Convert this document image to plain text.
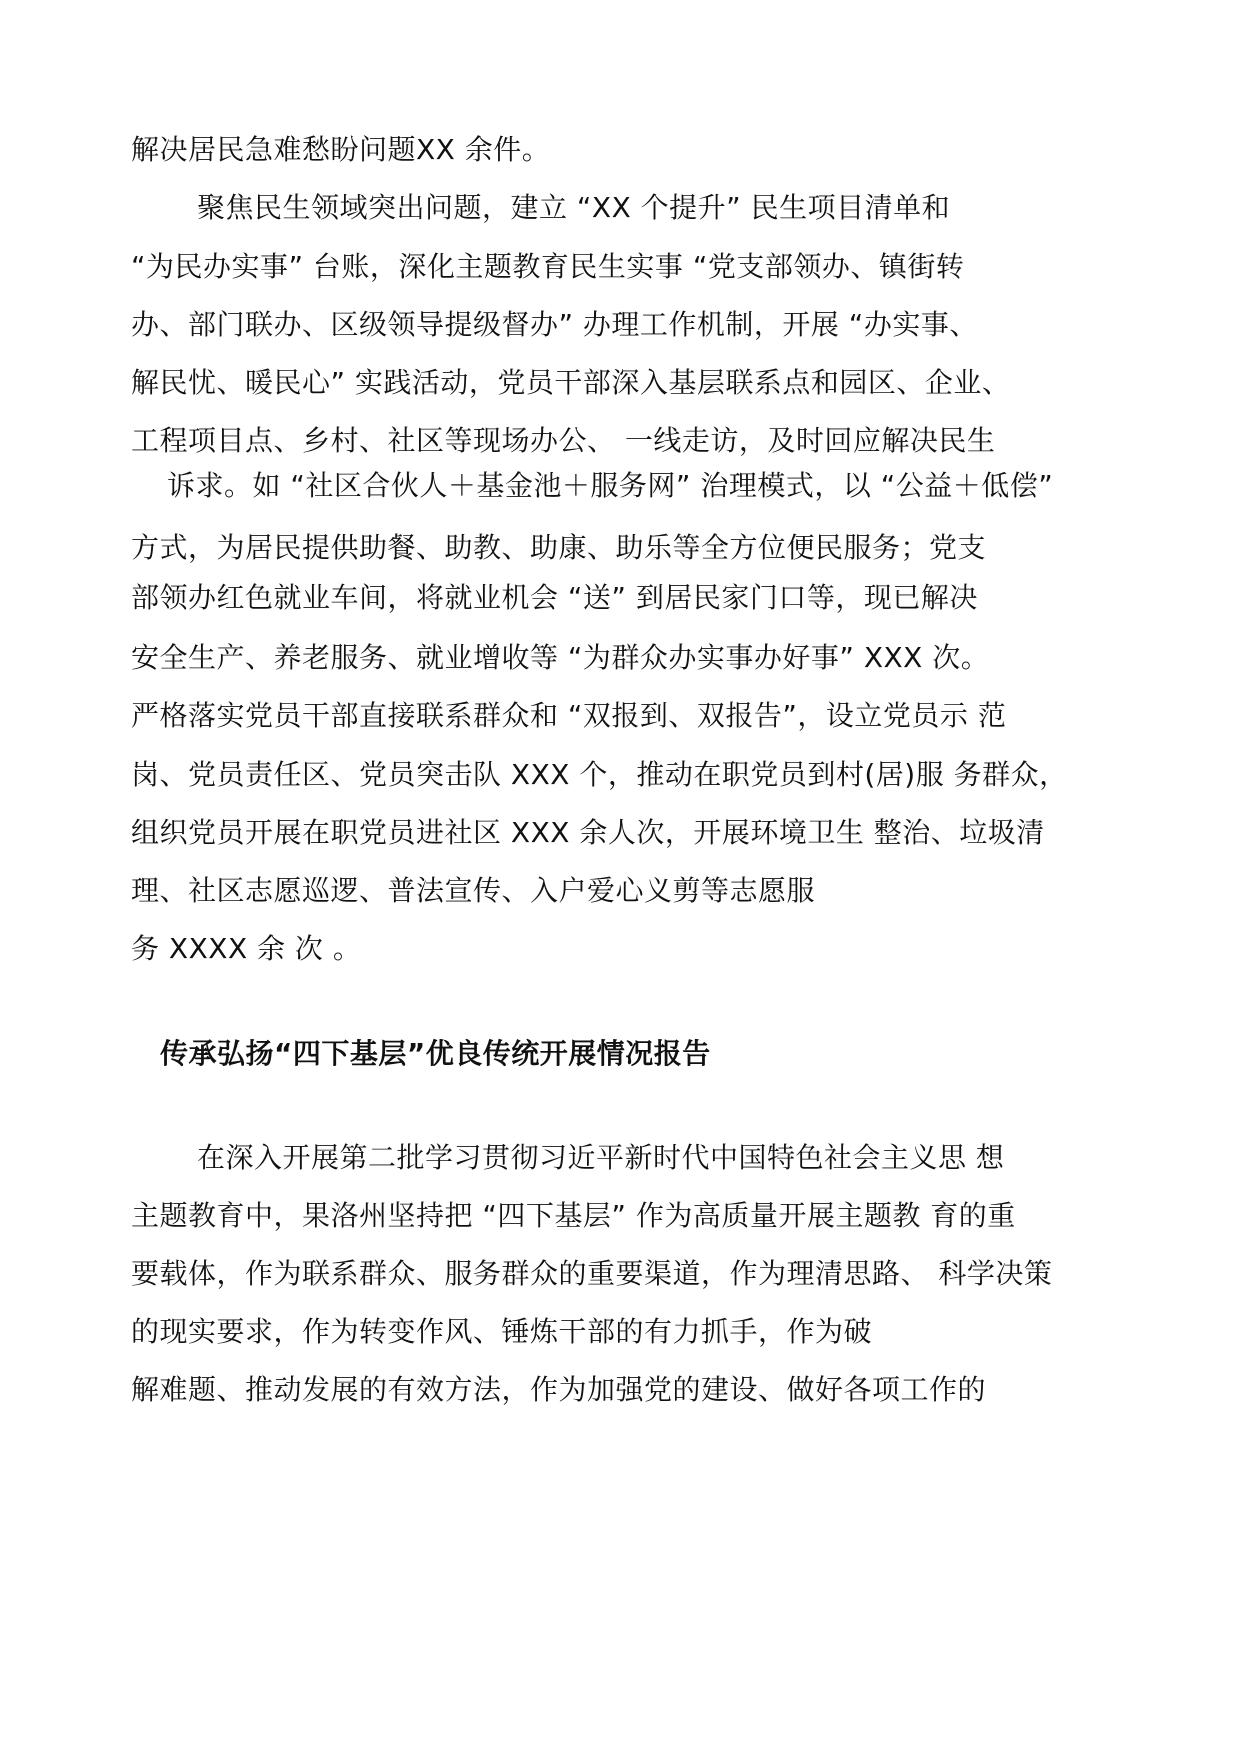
解决居民急难愁盼问题XX 余件。
聚焦民生领域突出问题，建立 “XX 个提升” 民生项目清单和
“为民办实事” 台账，深化主题教育民生实事 “党支部领办、镇街转
办、部门联办、区级领导提级督办” 办理工作机制，开展 “办实事、
解民忧、暖民心” 实践活动，党员干部深入基层联系点和园区、企业、
工程项目点、乡村、社区等现场办公、 一线走访，及时回应解决民生
诉求。如 “社区合伙人＋基金池＋服务网” 治理模式，以 “公益＋低偿”
方式，为居民提供助餐、助教、助康、助乐等全方位便民服务；党支
部领办红色就业车间，将就业机会 “送” 到居民家门口等，现已解决
安全生产、养老服务、就业增收等 “为群众办实事办好事” XXX 次。
严格落实党员干部直接联系群众和 “双报到、双报告”，设立党员示 范
岗、党员责任区、党员突击队 XXX 个，推动在职党员到村(居)服 务群众，
组织党员开展在职党员进社区 XXX 余人次，开展环境卫生 整治、垃圾清
理、社区志愿巡逻、普法宣传、入户爱心义剪等志愿服
务 XXXX 余 次 。
传承弘扬“四下基层”优良传统开展情况报告
在深入开展第二批学习贯彻习近平新时代中国特色社会主义思 想
主题教育中，果洛州坚持把 “四下基层” 作为高质量开展主题教 育的重
要载体，作为联系群众、服务群众的重要渠道，作为理清思路、 科学决策
的现实要求，作为转变作风、锤炼干部的有力抓手，作为破
解难题、推动发展的有效方法，作为加强党的建设、做好各项工作的
